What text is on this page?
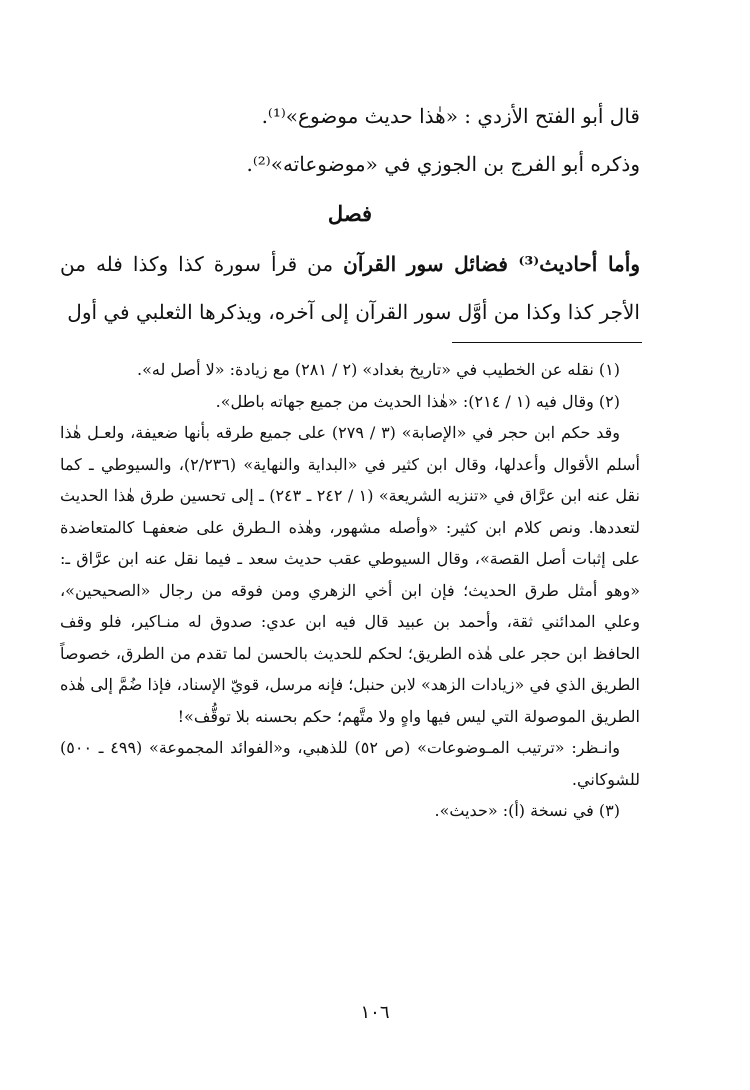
قال أبو الفتح الأزدي : «هٰذا حديث موضوع»⁽¹⁾.

وذكره أبو الفرج بن الجوزي في «موضوعاته»⁽²⁾.

فصل

وأما أحاديث⁽³⁾ فضائل سور القرآن من قرأ سورة كذا وكذا فله من الأجر كذا وكذا من أوَّل سور القرآن إلى آخره، ويذكرها الثعلبي في أول

(١) نقله عن الخطيب في «تاريخ بغداد» (٢ / ٢٨١) مع زيادة: «لا أصل له».

(٢) وقال فيه (١ / ٢١٤): «هٰذا الحديث من جميع جهاته باطل».

وقد حكم ابن حجر في «الإصابة» (٣ / ٢٧٩) على جميع طرقه بأنها ضعيفة، ولعـل هٰذا أسلم الأقوال وأعدلها، وقال ابن كثير في «البداية والنهاية» (٢/٢٣٦)، والسيوطي ـ كما نقل عنه ابن عرَّاق في «تنزيه الشريعة» (١ / ٢٤٢ ـ ٢٤٣) ـ إلى تحسين طرق هٰذا الحديث لتعددها. ونص كلام ابن كثير: «وأصله مشهور، وهٰذه الـطرق على ضعفهـا كالمتعاضدة على إثبات أصل القصة»، وقال السيوطي عقب حديث سعد ـ فيما نقل عنه ابن عرَّاق ـ: «وهو أمثل طرق الحديث؛ فإن ابن أخي الزهري ومن فوقه من رجال «الصحيحين»، وعلي المدائني ثقة، وأحمد بن عبيد قال فيه ابن عدي: صدوق له منـاكير، فلو وقف الحافظ ابن حجر على هٰذه الطريق؛ لحكم للحديث بالحسن لما تقدم من الطرق، خصوصاً الطريق الذي في «زيادات الزهد» لابن حنبل؛ فإنه مرسل، قويّ الإسناد، فإذا ضُمَّ إلى هٰذه الطريق الموصولة التي ليس فيها واهٍ ولا متَّهم؛ حكم بحسنه بلا توقُّف»!

وانـظر: «ترتيب المـوضوعات» (ص ٥٢) للذهبي، و«الفوائد المجموعة» (٤٩٩ ـ ٥٠٠) للشوكاني.

(٣) في نسخة (أ): «حديث».

١٠٦
